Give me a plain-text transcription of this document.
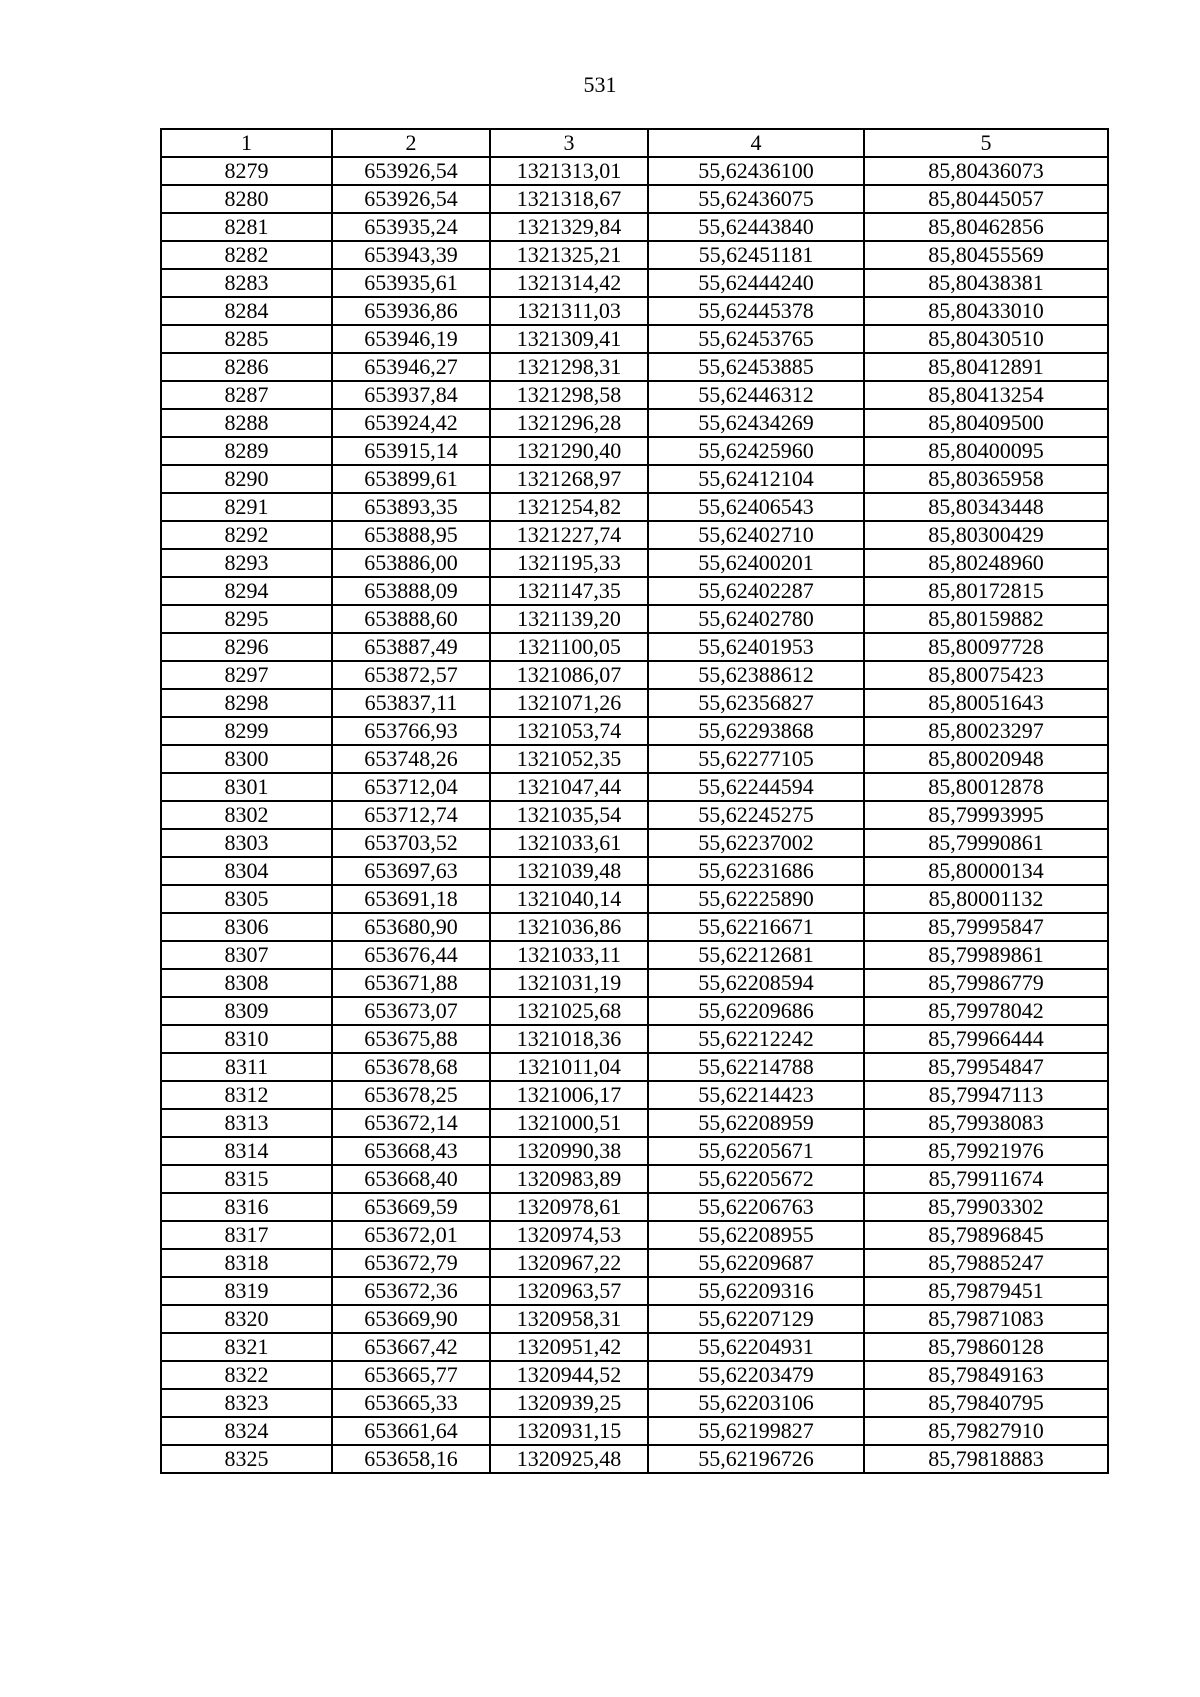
531
1	2	3	4	5
8279	653926,54	1321313,01	55,62436100	85,80436073
8280	653926,54	1321318,67	55,62436075	85,80445057
8281	653935,24	1321329,84	55,62443840	85,80462856
8282	653943,39	1321325,21	55,62451181	85,80455569
8283	653935,61	1321314,42	55,62444240	85,80438381
8284	653936,86	1321311,03	55,62445378	85,80433010
8285	653946,19	1321309,41	55,62453765	85,80430510
8286	653946,27	1321298,31	55,62453885	85,80412891
8287	653937,84	1321298,58	55,62446312	85,80413254
8288	653924,42	1321296,28	55,62434269	85,80409500
8289	653915,14	1321290,40	55,62425960	85,80400095
8290	653899,61	1321268,97	55,62412104	85,80365958
8291	653893,35	1321254,82	55,62406543	85,80343448
8292	653888,95	1321227,74	55,62402710	85,80300429
8293	653886,00	1321195,33	55,62400201	85,80248960
8294	653888,09	1321147,35	55,62402287	85,80172815
8295	653888,60	1321139,20	55,62402780	85,80159882
8296	653887,49	1321100,05	55,62401953	85,80097728
8297	653872,57	1321086,07	55,62388612	85,80075423
8298	653837,11	1321071,26	55,62356827	85,80051643
8299	653766,93	1321053,74	55,62293868	85,80023297
8300	653748,26	1321052,35	55,62277105	85,80020948
8301	653712,04	1321047,44	55,62244594	85,80012878
8302	653712,74	1321035,54	55,62245275	85,79993995
8303	653703,52	1321033,61	55,62237002	85,79990861
8304	653697,63	1321039,48	55,62231686	85,80000134
8305	653691,18	1321040,14	55,62225890	85,80001132
8306	653680,90	1321036,86	55,62216671	85,79995847
8307	653676,44	1321033,11	55,62212681	85,79989861
8308	653671,88	1321031,19	55,62208594	85,79986779
8309	653673,07	1321025,68	55,62209686	85,79978042
8310	653675,88	1321018,36	55,62212242	85,79966444
8311	653678,68	1321011,04	55,62214788	85,79954847
8312	653678,25	1321006,17	55,62214423	85,79947113
8313	653672,14	1321000,51	55,62208959	85,79938083
8314	653668,43	1320990,38	55,62205671	85,79921976
8315	653668,40	1320983,89	55,62205672	85,79911674
8316	653669,59	1320978,61	55,62206763	85,79903302
8317	653672,01	1320974,53	55,62208955	85,79896845
8318	653672,79	1320967,22	55,62209687	85,79885247
8319	653672,36	1320963,57	55,62209316	85,79879451
8320	653669,90	1320958,31	55,62207129	85,79871083
8321	653667,42	1320951,42	55,62204931	85,79860128
8322	653665,77	1320944,52	55,62203479	85,79849163
8323	653665,33	1320939,25	55,62203106	85,79840795
8324	653661,64	1320931,15	55,62199827	85,79827910
8325	653658,16	1320925,48	55,62196726	85,79818883
